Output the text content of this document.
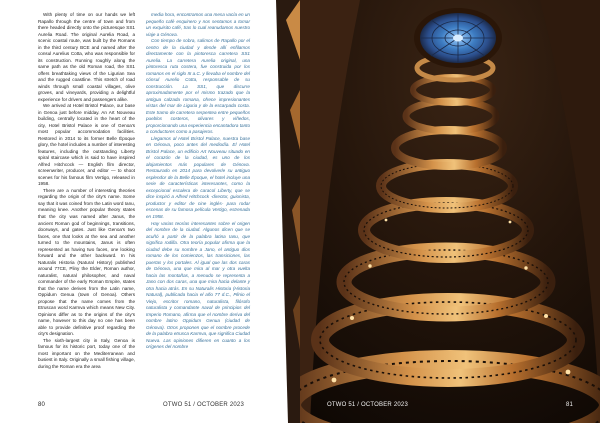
With plenty of time on our hands we left Rapallo through the centre of town and from there headed directly onto the picturesque SS1 Aurelia Road. The original Aurelia Road, a scenic coastal route, was built by the Romans in the third century BCE and named after the consul Aurelius Cotta, who was responsible for its construction. Running roughly along the same path as the old Roman road, the SS1 offers breathtaking views of the Ligurian Sea and the rugged coastline. This stretch of road winds through small coastal villages, olive groves, and vineyards, providing a delightful experience for drivers and passengers alike.

We arrived at Hotel Bristol Palace, our base in Genoa just before midday. An Art Nouveau building, centrally located in the heart of the city, Hotel Bristol Palace is one of Genoa's most popular accommodation facilities. Restored in 2014 to its former Belle Époque glory, the hotel includes a number of interesting features, including the outstanding Liberty spiral staircase which is said to have inspired Alfred Hitchcock — English film director, screenwriter, producer, and editor — to shoot scenes for his famous film Vertigo, released in 1958.

There are a number of interesting theories regarding the origin of the city's name. Some say that it was coined from the Latin word Ianu, meaning knee. Another popular theory states that the city was named after Janus, the ancient Roman god of beginnings, transitions, doorways, and gates. Just like Genoa's two faces, one that looks at the sea and another turned to the mountains, Janus is often represented as having two faces, one looking forward and the other backward. In his Naturalis Historia (Natural History) published around 77CE, Pliny the Elder, Roman author, naturalist, natural philosopher, and naval commander of the early Roman Empire, states that the name derives from the Latin name, Oppidum Genua (town of Genoa). Others propose that the name comes from the Etruscan word Karmva which means New City. Opinions differ as to the origins of the city's name, however to this day no one has been able to provide definitive proof regarding the city's designation.

The sixth-largest city in Italy, Genoa is famous for its historic port, today one of the most important on the Mediterranean and busiest in Italy. Originally a small fishing village, during the Roman era the area

media hora, encontramos una mesa vacía en un pequeño café esquinero y nos sentamos a tomar un exquisito café, tras lo cual reanudamos nuestro viaje a Génova.

Con tiempo de sobra, salimos de Rapallo por el centro de la ciudad y desde allí enfilamos directamente con la pintoresca carretera SS1 Aurelia. La carretera Aurelia original, una pintoresca ruta costera, fue construida por los romanos en el siglo III a.C. y llevaba el nombre del cónsul Aurelio Cotta, responsable de su construcción. La SS1, que discurre aproximadamente por el mismo trazado que la antigua calzada romana, ofrece impresionantes vistas del mar de Liguria y de la escarpada costa. Este tramo de carretera serpentea entre pequeños pueblos costeros, olivares y viñedos, proporcionando una experiencia encantadora tanto a conductores como a pasajeros.

Llegamos al Hotel Bristol Palace, nuestra base en Génova, poco antes del mediodía. El Hotel Bristol Palace, un edificio Art Nouveau situado en el corazón de la ciudad, es uno de los alojamientos más populares de Génova. Restaurado en 2014 para devolverle su antiguo esplendor de la Belle Époque, el hotel incluye una serie de características interesantes, como la excepcional escalera de caracol Liberty, que se dice inspiró a Alfred Hitchcock -director, guionista, productor y editor de cine inglés- para rodar escenas de su famosa película Vertigo, estrenada en 1958.

Hay varias teorías interesantes sobre el origen del nombre de la ciudad. Algunos dicen que se acuñó a partir de la palabra latina Ianu, que significa rodilla. Otra teoría popular afirma que la ciudad debe su nombre a Jano, el antiguo dios romano de los comienzos, las transiciones, las puertas y los portales. Al igual que las dos caras de Génova, una que mira al mar y otra vuelta hacia las montañas, a menudo se representa a Jano con dos caras, una que mira hacia delante y otra hacia atrás. En su Naturalis Historia (Historia Natural), publicada hacia el año 77 d.C., Plinio el Viejo, escritor romano, naturalista, filósofo naturalista y comandante naval de principios del Imperio Romano, afirma que el nombre deriva del nombre latino Oppidum Genua (ciudad de Génova). Otros proponen que el nombre procede de la palabra etrusca Karmva, que significa Ciudad Nueva. Las opiniones difieren en cuanto a los orígenes del nombre

80	OTWO 51 / OCTOBER 2023	OTWO 51 / OCTOBER 2023	81
